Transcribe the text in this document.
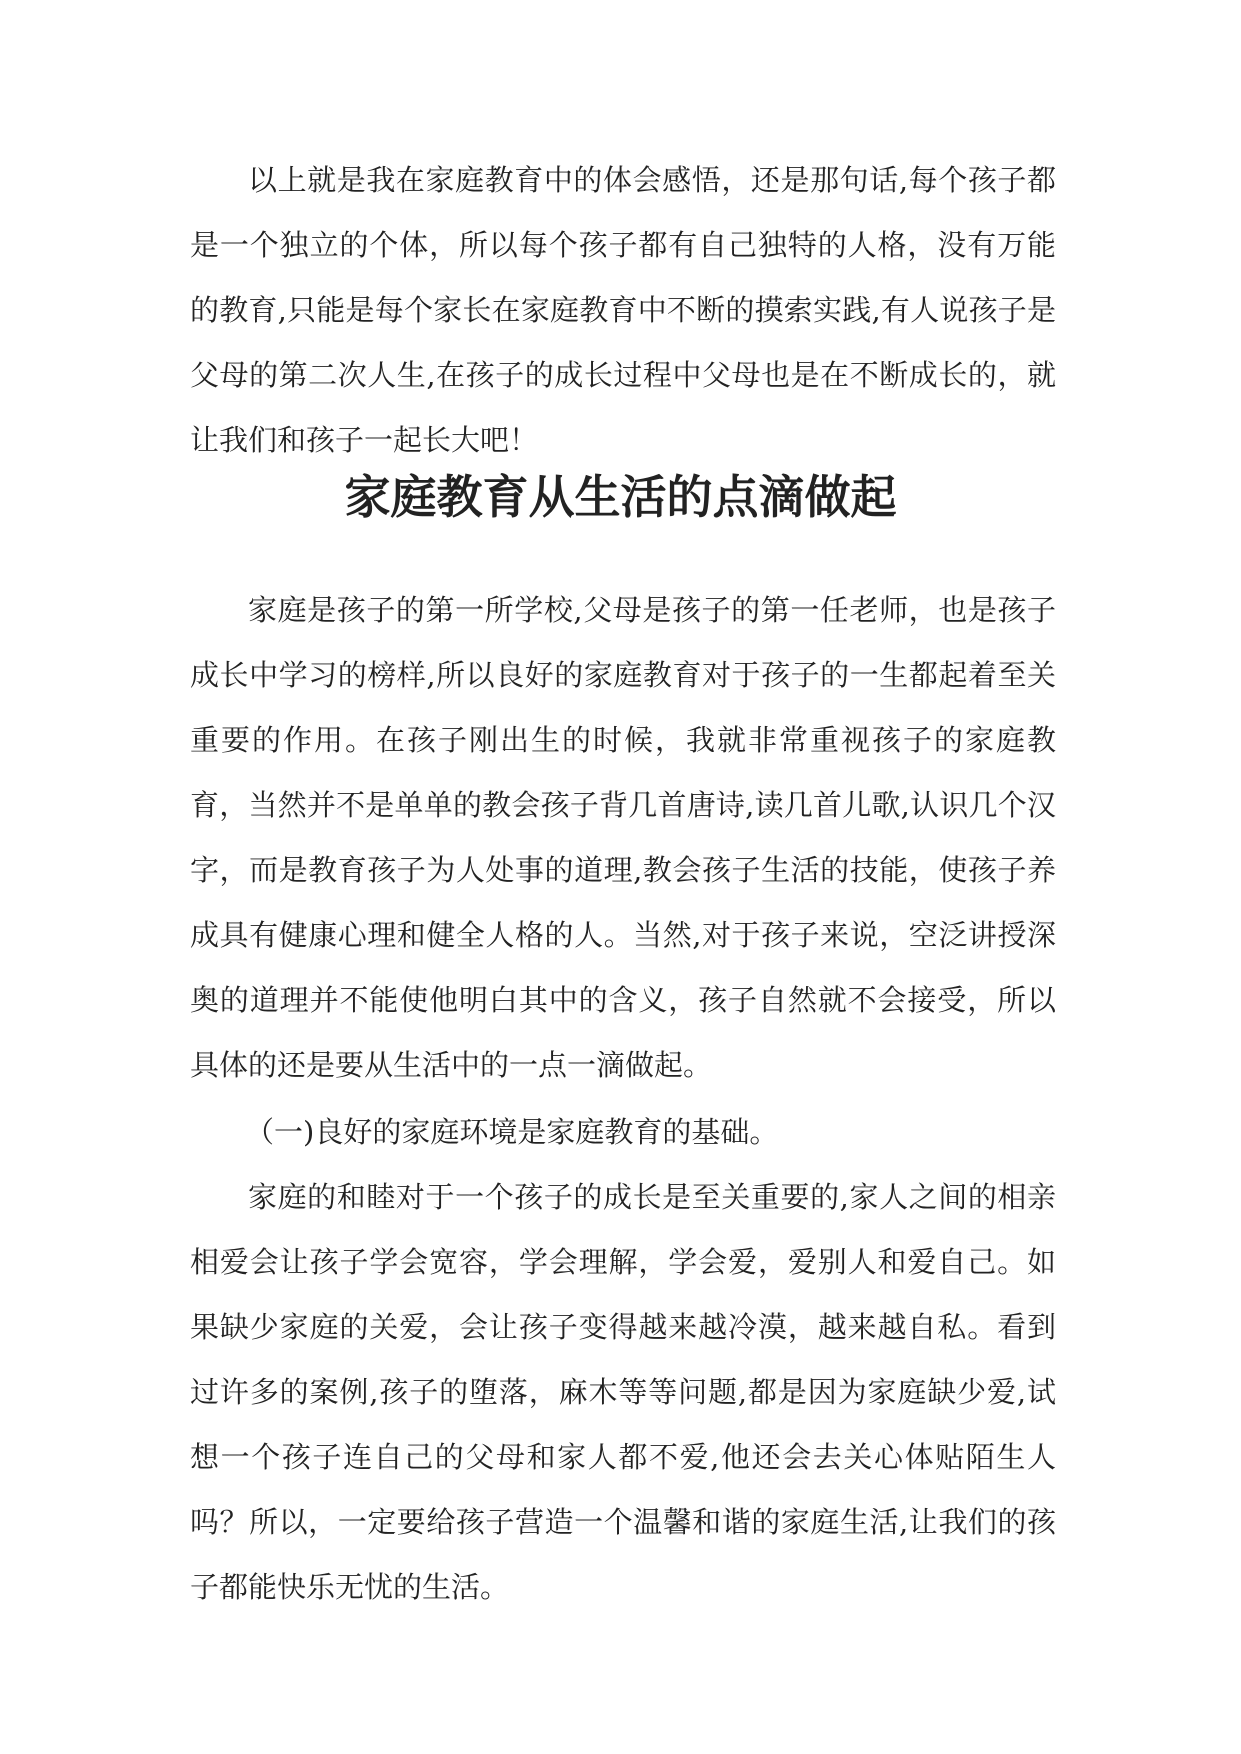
以上就是我在家庭教育中的体会感悟，还是那句话,每个孩子都是一个独立的个体，所以每个孩子都有自己独特的人格，没有万能的教育,只能是每个家长在家庭教育中不断的摸索实践,有人说孩子是父母的第二次人生,在孩子的成长过程中父母也是在不断成长的，就让我们和孩子一起长大吧！

家庭教育从生活的点滴做起

家庭是孩子的第一所学校,父母是孩子的第一任老师，也是孩子成长中学习的榜样,所以良好的家庭教育对于孩子的一生都起着至关重要的作用。在孩子刚出生的时候，我就非常重视孩子的家庭教育，当然并不是单单的教会孩子背几首唐诗,读几首儿歌,认识几个汉字，而是教育孩子为人处事的道理,教会孩子生活的技能，使孩子养成具有健康心理和健全人格的人。当然,对于孩子来说，空泛讲授深奥的道理并不能使他明白其中的含义，孩子自然就不会接受，所以具体的还是要从生活中的一点一滴做起。

（一)良好的家庭环境是家庭教育的基础。

家庭的和睦对于一个孩子的成长是至关重要的,家人之间的相亲相爱会让孩子学会宽容，学会理解，学会爱，爱别人和爱自己。如果缺少家庭的关爱，会让孩子变得越来越冷漠，越来越自私。看到过许多的案例,孩子的堕落，麻木等等问题,都是因为家庭缺少爱,试想一个孩子连自己的父母和家人都不爱,他还会去关心体贴陌生人吗？所以，一定要给孩子营造一个温馨和谐的家庭生活,让我们的孩子都能快乐无忧的生活。
